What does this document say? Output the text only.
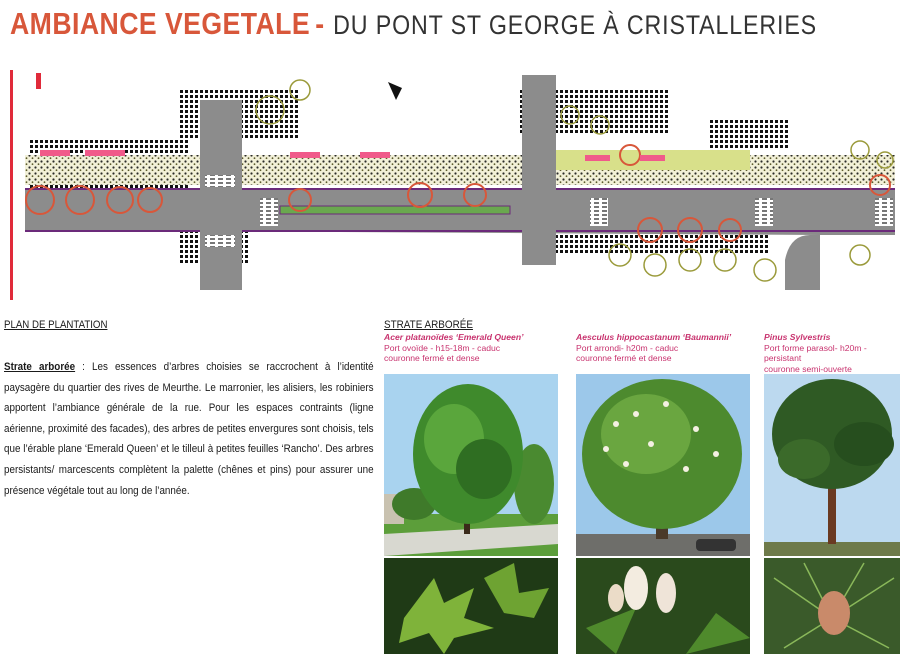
AMBIANCE VEGETALE - DU PONT ST GEORGE À CRISTALLERIES
PLAN DE PLANTATION
Strate arborée : Les essences d’arbres choisies se raccrochent à l’identité paysagère du quartier des rives de Meurthe. Le marronier, les alisiers, les robiniers apportent l’ambiance générale de la rue. Pour les espaces contraints (ligne aérienne, proximité des facades), des arbres de petites envergures sont choisis, tels que l’érable plane ‘Emerald Queen’ et le tilleul à petites feuilles ‘Rancho’. Des arbres persistants/ marcescents complètent la palette (chênes et pins) pour assurer une présence végétale tout au long de l’année.
STRATE ARBORÉE
Acer platanoïdes ‘Emerald Queen’
Port ovoïde - h15-18m - caduc
couronne fermé et dense
Aesculus hippocastanum ‘Baumannii’
Port arrondi- h20m - caduc
couronne fermé et dense
Pinus Sylvestris
Port forme parasol- h20m - persistant
couronne semi-ouverte
